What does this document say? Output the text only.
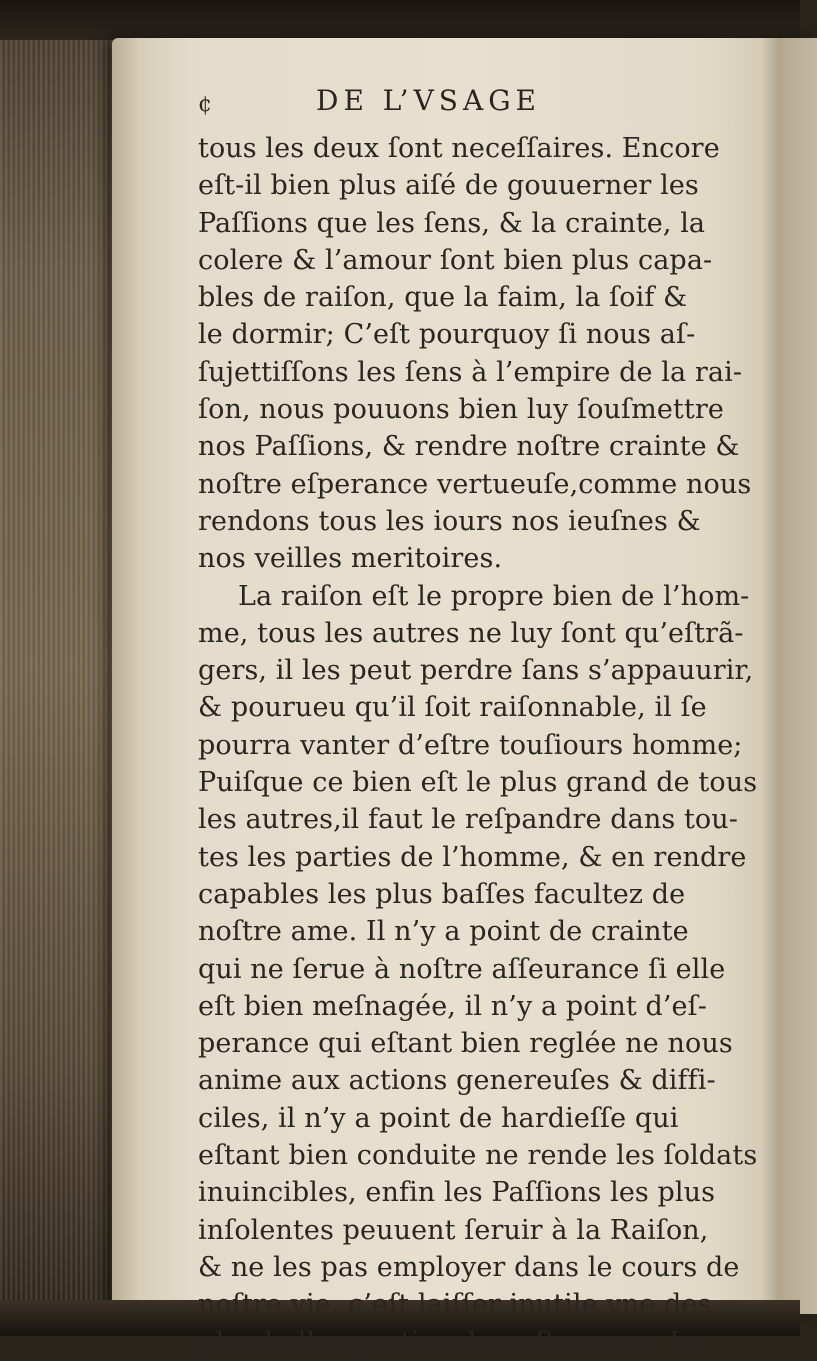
¢	DE L’VSAGE
tous les deux ſont neceſſaires. Encore
eſt-il bien plus aiſé de gouuerner les
Paſſions que les ſens, & la crainte, la
colere & l’amour ſont bien plus capa-
bles de raiſon, que la faim, la ſoif &
le dormir; C’eſt pourquoy ſi nous aſ-
ſujettiſſons les ſens à l’empire de la rai-
ſon, nous pouuons bien luy ſouſmettre
nos Paſſions, & rendre noſtre crainte &
noſtre eſperance vertueuſe,comme nous
rendons tous les iours nos ieuſnes &
nos veilles meritoires.
La raiſon eſt le propre bien de l’hom-
me, tous les autres ne luy ſont qu’eſtrã-
gers, il les peut perdre ſans s’appauurir,
& pourueu qu’il ſoit raiſonnable, il ſe
pourra vanter d’eſtre touſiours homme;
Puiſque ce bien eſt le plus grand de tous
les autres,il faut le reſpandre dans tou-
tes les parties de l’homme, & en rendre
capables les plus baſſes facultez de
noſtre ame. Il n’y a point de crainte
qui ne ſerue à noſtre aſſeurance ſi elle
eſt bien meſnagée, il n’y a point d’eſ-
perance qui eſtant bien reglée ne nous
anime aux actions genereuſes & diffi-
ciles, il n’y a point de hardieſſe qui
eſtant bien conduite ne rende les ſoldats
inuincibles, enfin les Paſſions les plus
inſolentes peuuent ſeruir à la Raiſon,
& ne les pas employer dans le cours de
noſtre vie, c’eſt laiſſer inutile vne des
plus belles parties de noſtre ame. La
